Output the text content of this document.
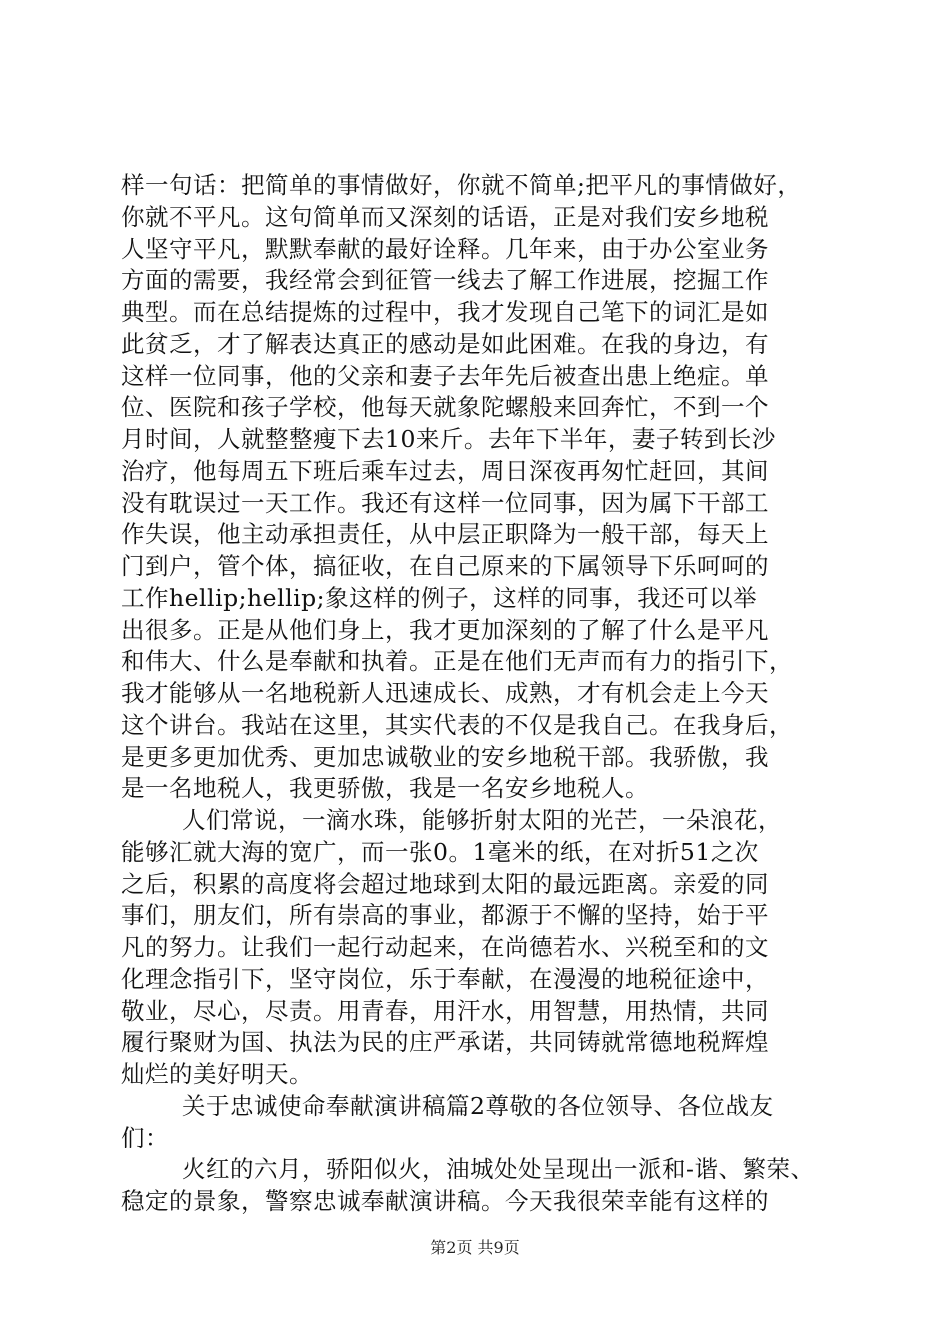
样一句话：把简单的事情做好，你就不简单;把平凡的事情做好，
你就不平凡。这句简单而又深刻的话语，正是对我们安乡地税
人坚守平凡，默默奉献的最好诠释。几年来，由于办公室业务
方面的需要，我经常会到征管一线去了解工作进展，挖掘工作
典型。而在总结提炼的过程中，我才发现自己笔下的词汇是如
此贫乏，才了解表达真正的感动是如此困难。在我的身边，有
这样一位同事，他的父亲和妻子去年先后被查出患上绝症。单
位、医院和孩子学校，他每天就象陀螺般来回奔忙，不到一个
月时间，人就整整瘦下去10来斤。去年下半年，妻子转到长沙
治疗，他每周五下班后乘车过去，周日深夜再匆忙赶回，其间
没有耽误过一天工作。我还有这样一位同事，因为属下干部工
作失误，他主动承担责任，从中层正职降为一般干部，每天上
门到户，管个体，搞征收，在自己原来的下属领导下乐呵呵的
工作hellip;hellip;象这样的例子，这样的同事，我还可以举
出很多。正是从他们身上，我才更加深刻的了解了什么是平凡
和伟大、什么是奉献和执着。正是在他们无声而有力的指引下，
我才能够从一名地税新人迅速成长、成熟，才有机会走上今天
这个讲台。我站在这里，其实代表的不仅是我自己。在我身后，
是更多更加优秀、更加忠诚敬业的安乡地税干部。我骄傲，我
是一名地税人，我更骄傲，我是一名安乡地税人。
人们常说，一滴水珠，能够折射太阳的光芒，一朵浪花，
能够汇就大海的宽广，而一张0。1毫米的纸，在对折51之次
之后，积累的高度将会超过地球到太阳的最远距离。亲爱的同
事们，朋友们，所有崇高的事业，都源于不懈的坚持，始于平
凡的努力。让我们一起行动起来，在尚德若水、兴税至和的文
化理念指引下，坚守岗位，乐于奉献，在漫漫的地税征途中，
敬业，尽心，尽责。用青春，用汗水，用智慧，用热情，共同
履行聚财为国、执法为民的庄严承诺，共同铸就常德地税辉煌
灿烂的美好明天。
关于忠诚使命奉献演讲稿篇2尊敬的各位领导、各位战友
们：
火红的六月，骄阳似火，油城处处呈现出一派和-谐、繁荣、
稳定的景象，警察忠诚奉献演讲稿。今天我很荣幸能有这样的
第2页 共9页
